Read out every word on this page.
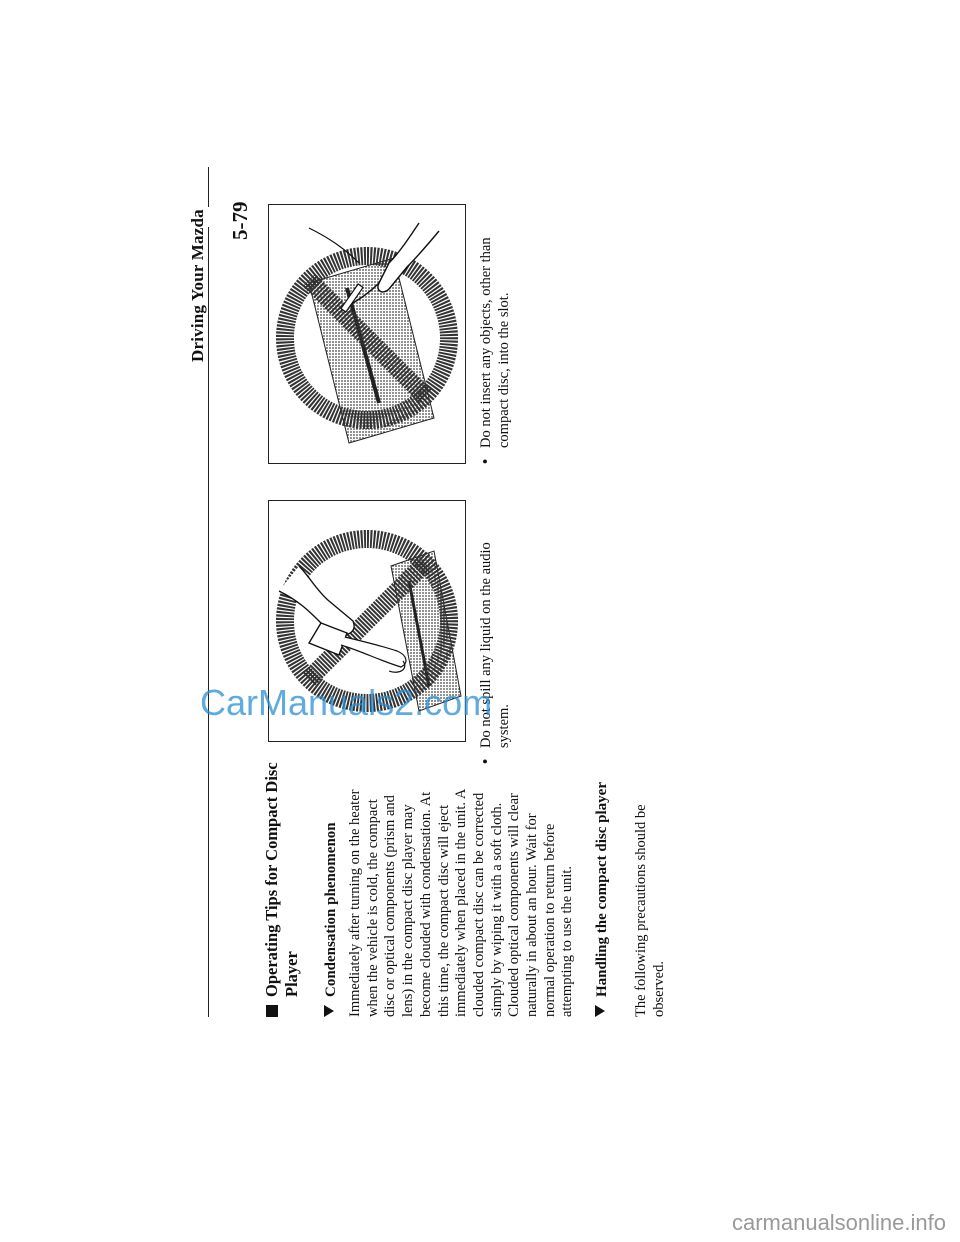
Driving Your Mazda 5-79
Operating Tips for Compact Disc Player Condensation phenomenon Immediately after turning on the heater when the vehicle is cold, the compact disc or optical components (prism and lens) in the compact disc player may become clouded with condensation. At this time, the compact disc will eject immediately when placed in the unit. A clouded compact disc can be corrected simply by wiping it with a soft cloth. Clouded optical components will clear naturally in about an hour. Wait for normal operation to return before attempting to use the unit. Handling the compact disc player The following precautions should be observed.
•Do not spill any liquid on the audio system.
•Do not insert any objects, other than compact disc, into the slot.
CarManuals2.com
carmanualsonline.info
